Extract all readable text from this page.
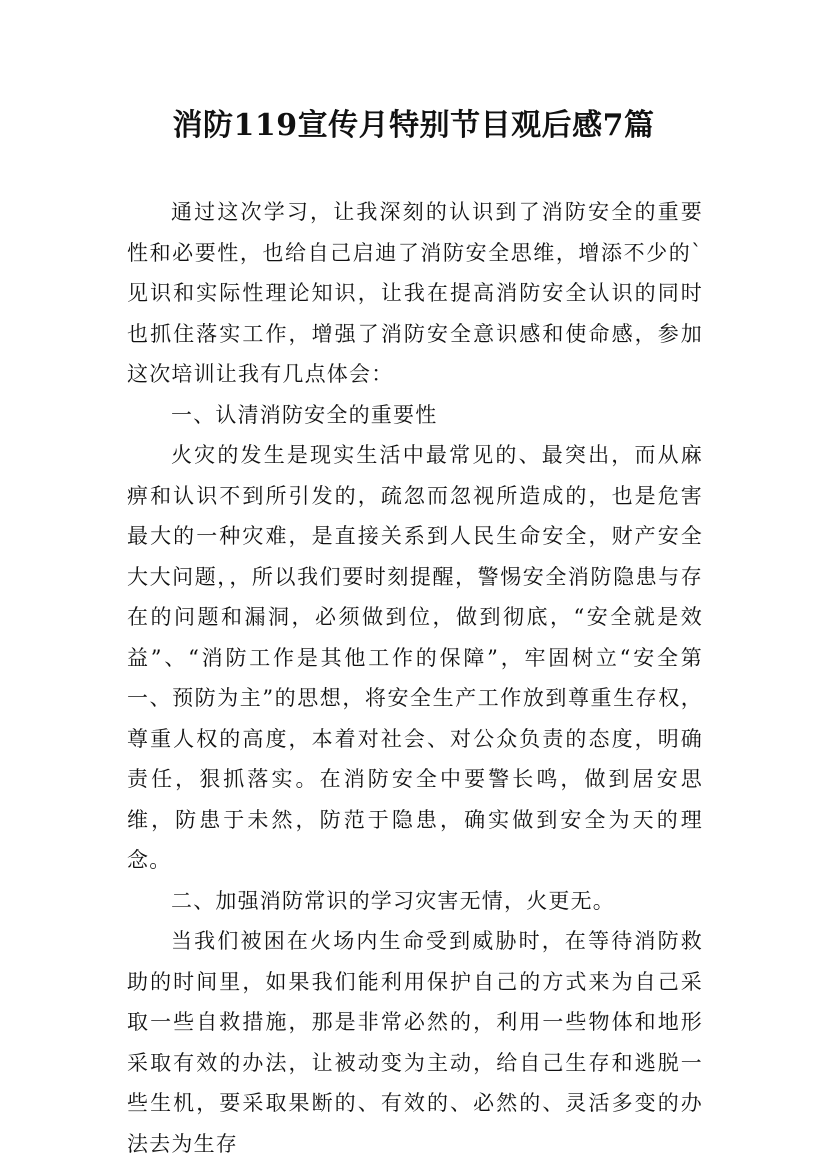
消防119宣传月特别节目观后感7篇

通过这次学习，让我深刻的认识到了消防安全的重要性和必要性，也给自己启迪了消防安全思维，增添不少的`见识和实际性理论知识，让我在提高消防安全认识的同时也抓住落实工作，增强了消防安全意识感和使命感，参加这次培训让我有几点体会：

一、认清消防安全的重要性

火灾的发生是现实生活中最常见的、最突出，而从麻痹和认识不到所引发的，疏忽而忽视所造成的，也是危害最大的一种灾难，是直接关系到人民生命安全，财产安全大大问题，，所以我们要时刻提醒，警惕安全消防隐患与存在的问题和漏洞，必须做到位，做到彻底，“安全就是效益”、“消防工作是其他工作的保障”，牢固树立“安全第一、预防为主”的思想，将安全生产工作放到尊重生存权，尊重人权的高度，本着对社会、对公众负责的态度，明确责任，狠抓落实。在消防安全中要警长鸣，做到居安思维，防患于未然，防范于隐患，确实做到安全为天的理念。

二、加强消防常识的学习灾害无情，火更无。

当我们被困在火场内生命受到威胁时，在等待消防救助的时间里，如果我们能利用保护自己的方式来为自己采取一些自救措施，那是非常必然的，利用一些物体和地形采取有效的办法，让被动变为主动，给自己生存和逃脱一些生机，要采取果断的、有效的、必然的、灵活多变的办法去为生存
